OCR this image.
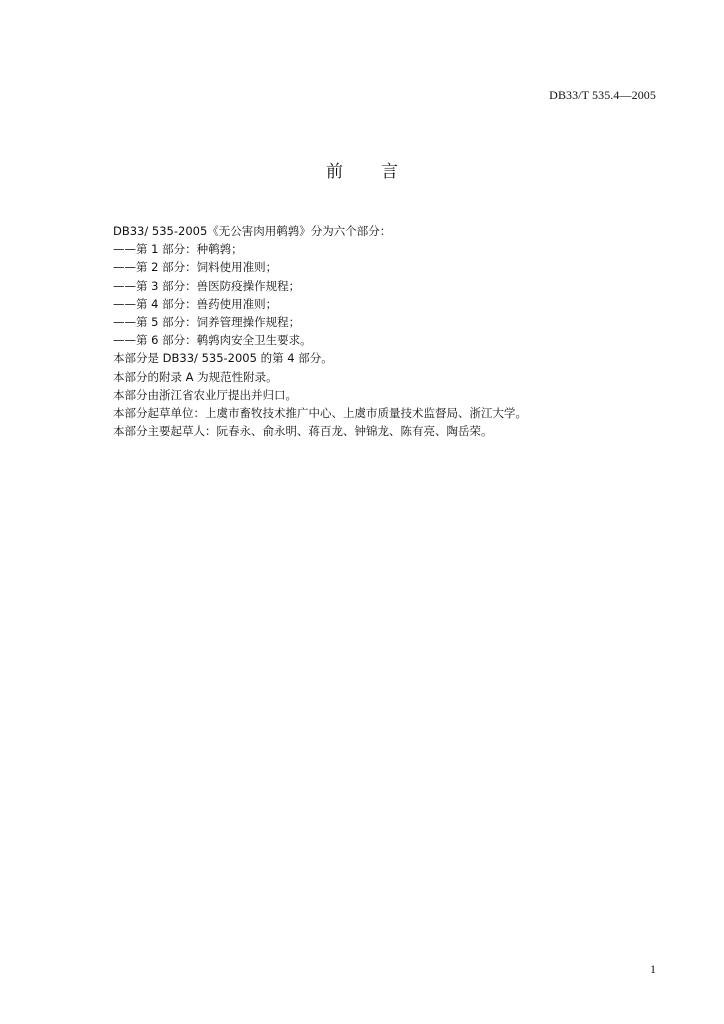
DB33/T 535.4—2005
前 言
DB33/ 535-2005《无公害肉用鹌鹑》分为六个部分：
——第 1 部分：种鹌鹑；
——第 2 部分：饲料使用准则；
——第 3 部分：兽医防疫操作规程；
——第 4 部分：兽药使用准则；
——第 5 部分：饲养管理操作规程；
——第 6 部分：鹌鹑肉安全卫生要求。
本部分是 DB33/ 535-2005 的第 4 部分。
本部分的附录 A 为规范性附录。
本部分由浙江省农业厅提出并归口。
本部分起草单位：上虞市畜牧技术推广中心、上虞市质量技术监督局、浙江大学。
本部分主要起草人：阮春永、俞永明、蒋百龙、钟锦龙、陈有亮、陶岳荣。
1
